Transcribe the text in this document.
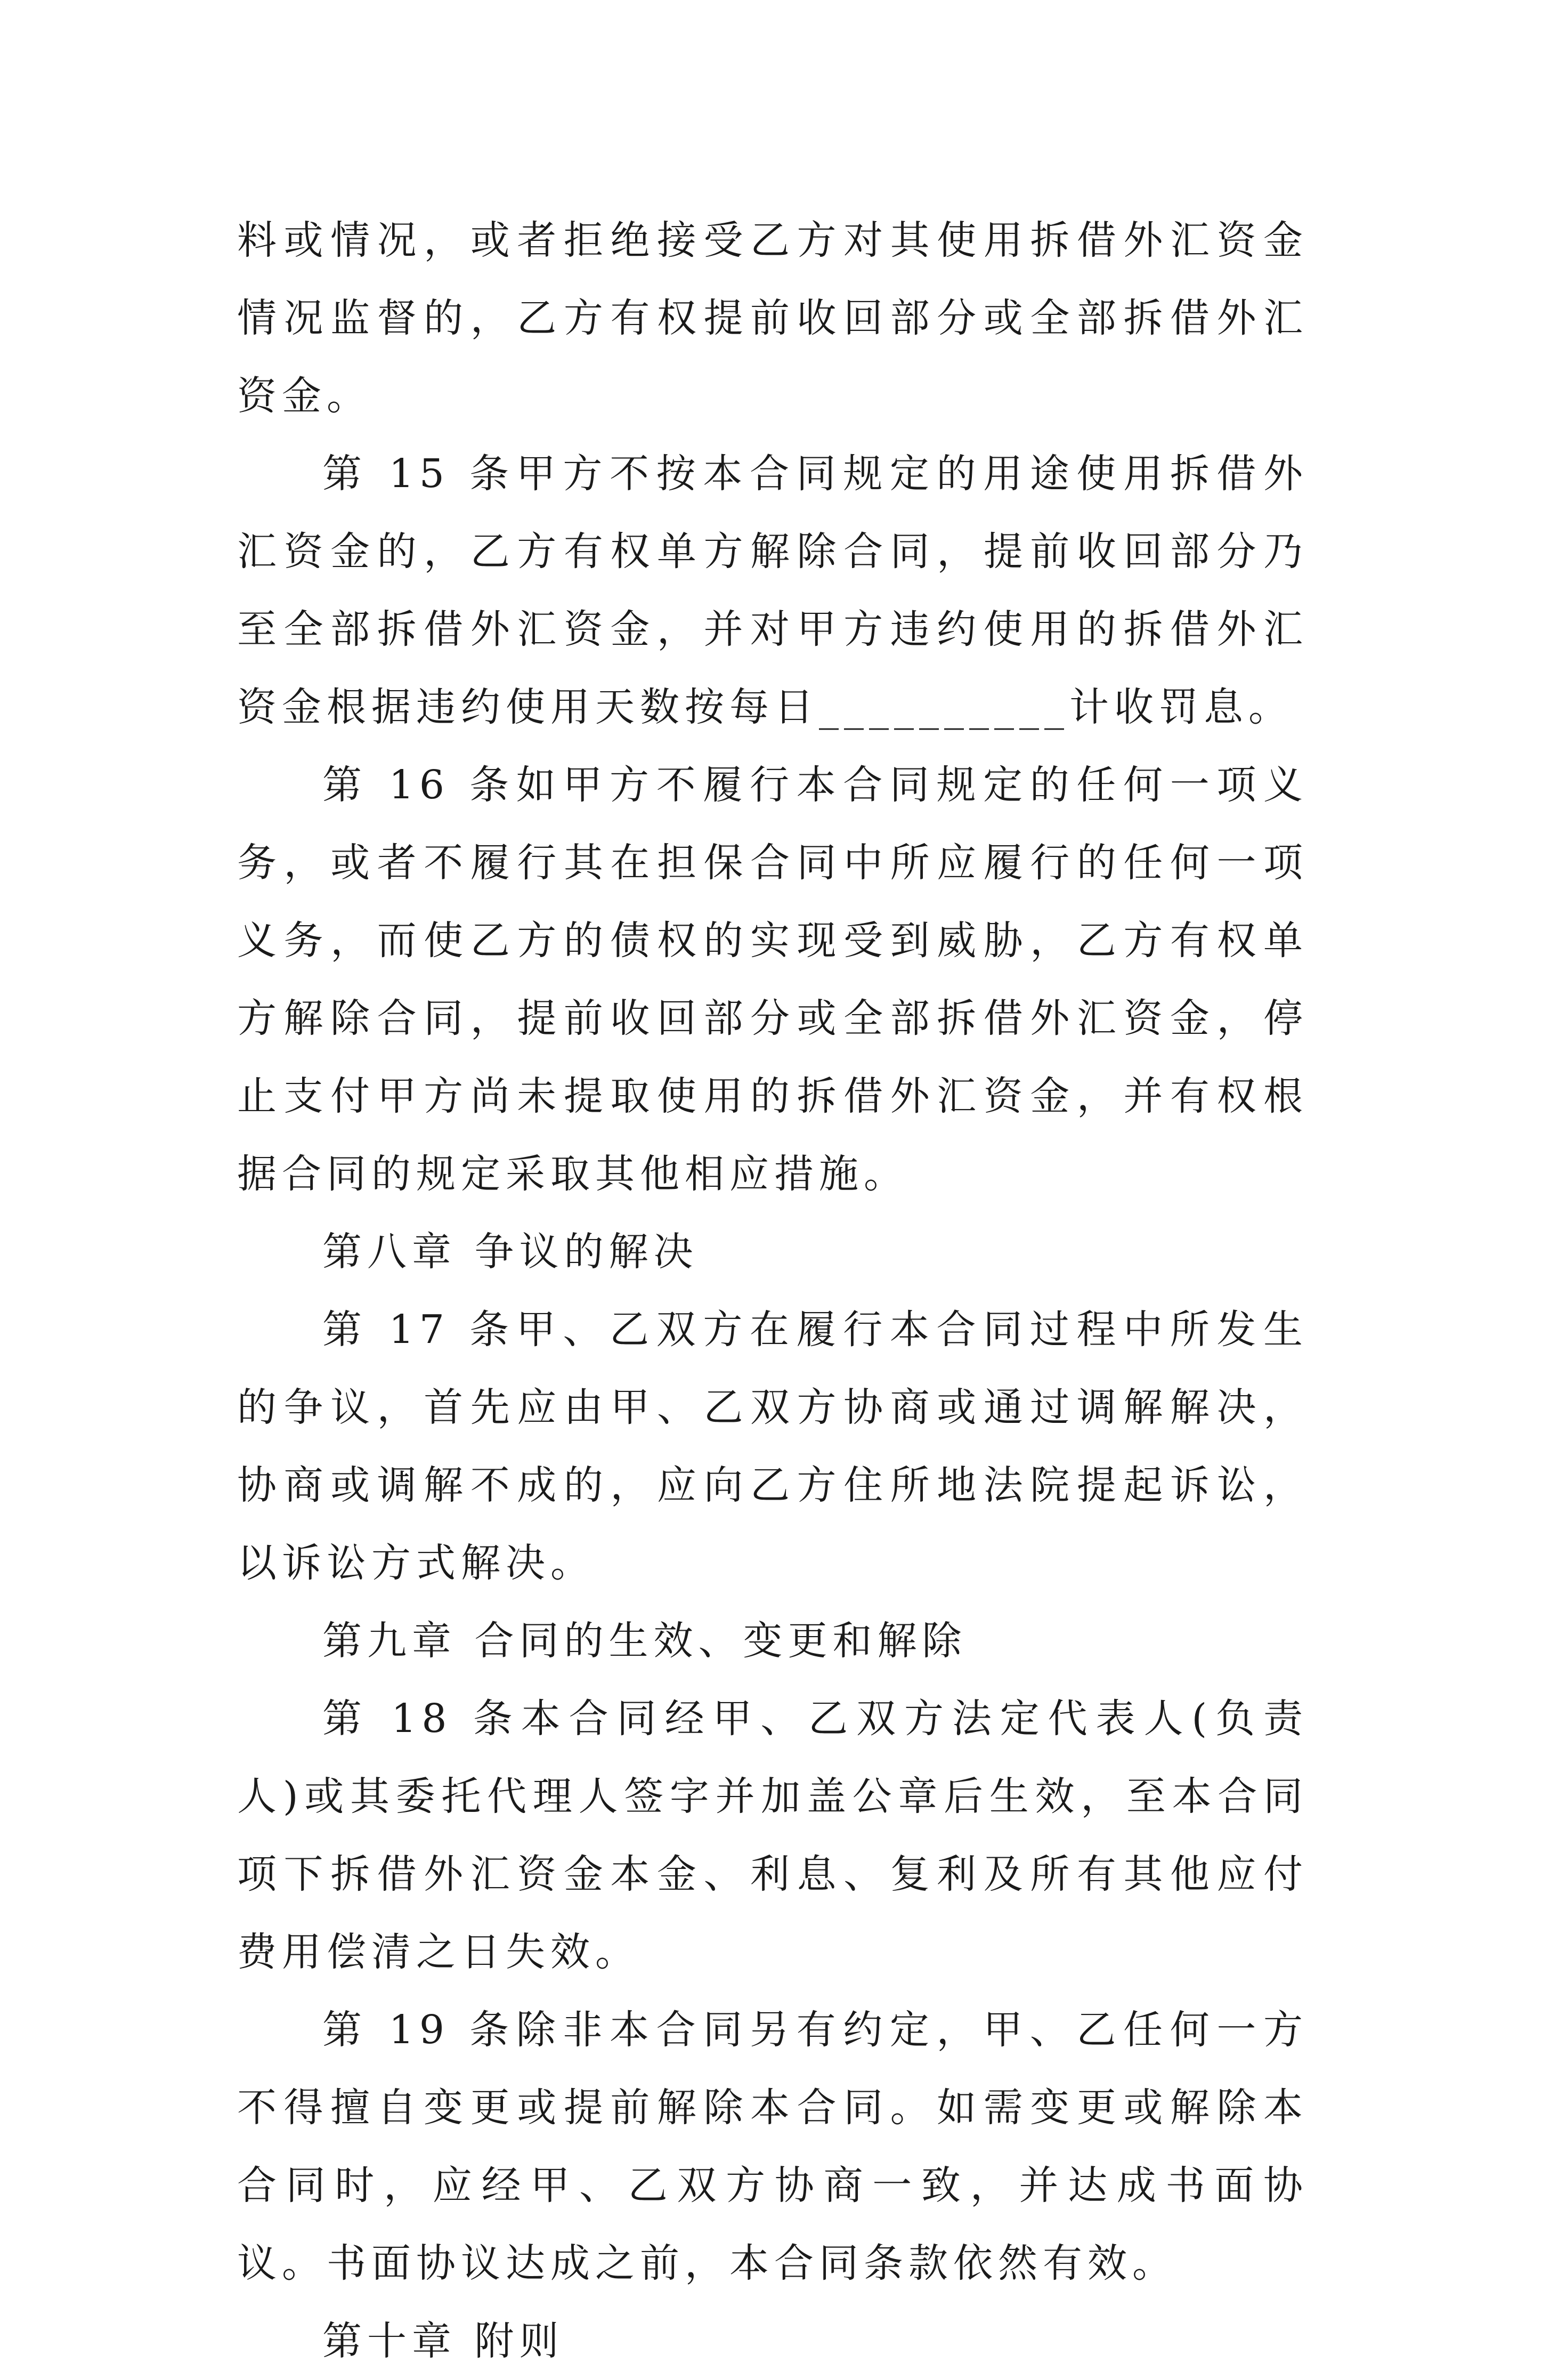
料或情况，或者拒绝接受乙方对其使用拆借外汇资金情况监督的，乙方有权提前收回部分或全部拆借外汇资金。

第 15 条甲方不按本合同规定的用途使用拆借外汇资金的，乙方有权单方解除合同，提前收回部分乃至全部拆借外汇资金，并对甲方违约使用的拆借外汇资金根据违约使用天数按每日__________计收罚息。

第 16 条如甲方不履行本合同规定的任何一项义务，或者不履行其在担保合同中所应履行的任何一项义务，而使乙方的债权的实现受到威胁，乙方有权单方解除合同，提前收回部分或全部拆借外汇资金，停止支付甲方尚未提取使用的拆借外汇资金，并有权根据合同的规定采取其他相应措施。

第八章 争议的解决

第 17 条甲、乙双方在履行本合同过程中所发生的争议，首先应由甲、乙双方协商或通过调解解决，协商或调解不成的，应向乙方住所地法院提起诉讼，以诉讼方式解决。

第九章 合同的生效、变更和解除

第 18 条本合同经甲、乙双方法定代表人(负责人)或其委托代理人签字并加盖公章后生效，至本合同项下拆借外汇资金本金、利息、复利及所有其他应付费用偿清之日失效。

第 19 条除非本合同另有约定，甲、乙任何一方不得擅自变更或提前解除本合同。如需变更或解除本合同时，应经甲、乙双方协商一致，并达成书面协议。书面协议达成之前，本合同条款依然有效。

第十章 附则
